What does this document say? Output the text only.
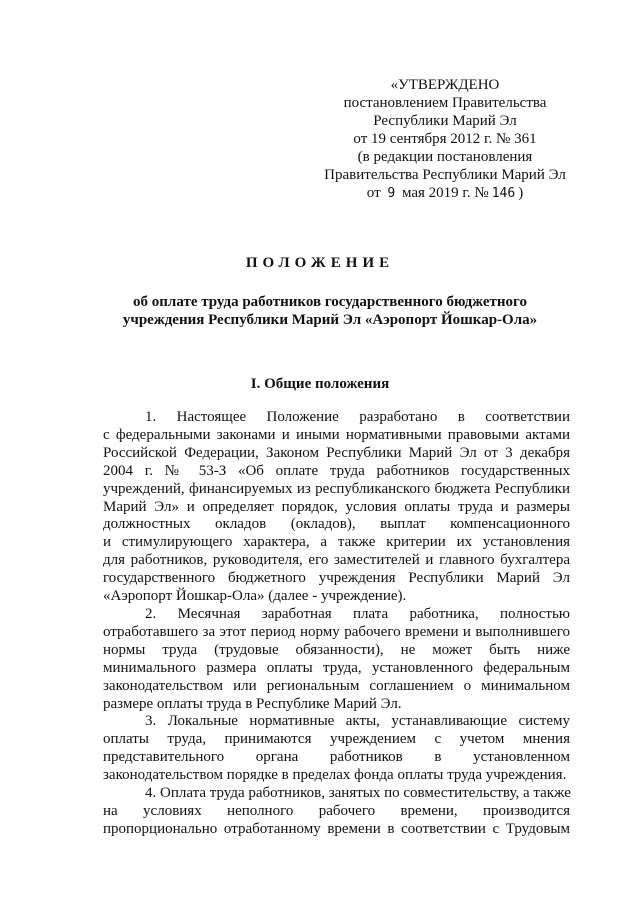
«УТВЕРЖДЕНО
постановлением Правительства
Республики Марий Эл
от 19 сентября 2012 г. № 361
(в редакции постановления
Правительства Республики Марий Эл
от 9 мая 2019 г. № 146 )
ПОЛОЖЕНИЕ
об оплате труда работников государственного бюджетного
учреждения Республики Марий Эл «Аэропорт Йошкар-Ола»
I. Общие положения

1. Настоящее Положение разработано в соответствии
с федеральными законами и иными нормативными правовыми актами
Российской Федерации, Законом Республики Марий Эл от 3 декабря
2004 г. № 53-З «Об оплате труда работников государственных
учреждений, финансируемых из республиканского бюджета Республики
Марий Эл» и определяет порядок, условия оплаты труда и размеры
должностных окладов (окладов), выплат компенсационного
и стимулирующего характера, а также критерии их установления
для работников, руководителя, его заместителей и главного бухгалтера
государственного бюджетного учреждения Республики Марий Эл
«Аэропорт Йошкар-Ола» (далее - учреждение).

2. Месячная заработная плата работника, полностью
отработавшего за этот период норму рабочего времени и выполнившего
нормы труда (трудовые обязанности), не может быть ниже
минимального размера оплаты труда, установленного федеральным
законодательством или региональным соглашением о минимальном
размере оплаты труда в Республике Марий Эл.

3. Локальные нормативные акты, устанавливающие систему
оплаты труда, принимаются учреждением с учетом мнения
представительного органа работников в установленном
законодательством порядке в пределах фонда оплаты труда учреждения.

4. Оплата труда работников, занятых по совместительству, а также
на условиях неполного рабочего времени, производится
пропорционально отработанному времени в соответствии с Трудовым
